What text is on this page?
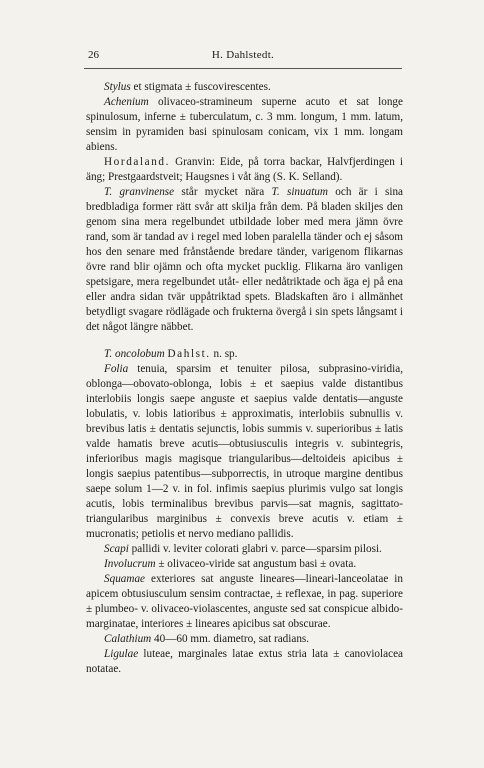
26	H. Dahlstedt.

Stylus et stigmata ± fuscovirescentes.

Achenium olivaceo-stramineum superne acuto et sat longe spinulosum, inferne ± tuberculatum, c. 3 mm. longum, 1 mm. latum, sensim in pyramiden basi spinulosam conicam, vix 1 mm. longam abiens.

Hordaland. Granvin: Eide, på torra backar, Halvfjerdingen i äng; Prestgaardstveit; Haugsnes i våt äng (S. K. Selland).

T. granvinense står mycket nära T. sinuatum och är i sina bredbladiga former rätt svår att skilja från dem. På bladen skiljes den genom sina mera regelbundet utbildade lober med mera jämn övre rand, som är tandad av i regel med loben paralella tänder och ej såsom hos den senare med frånstående bredare tänder, varigenom flikarnas övre rand blir ojämn och ofta mycket pucklig. Flikarna äro vanligen spetsigare, mera regelbundet utåt- eller nedåtriktade och äga ej på ena eller andra sidan tvär uppåtriktad spets. Bladskaften äro i allmänhet betydligt svagare rödlägade och frukterna övergå i sin spets långsamt i det något längre näbbet.

T. oncolobum Dahlst. n. sp.

Folia tenuia, sparsim et tenuiter pilosa, subprasino-viridia, oblonga—obovato-oblonga, lobis ± et saepius valde distantibus interlobiis longis saepe anguste et saepius valde dentatis—anguste lobulatis, v. lobis latioribus ± approximatis, interlobiis subnullis v. brevibus latis ± dentatis sejunctis, lobis summis v. superioribus ± latis valde hamatis breve acutis—obtusiusculis integris v. subintegris, inferioribus magis magisque triangularibus—deltoideis apicibus ± longis saepius patentibus—subporrectis, in utroque margine dentibus saepe solum 1—2 v. in fol. infimis saepius plurimis vulgo sat longis acutis, lobis terminalibus brevibus parvis—sat magnis, sagittato-triangularibus marginibus ± convexis breve acutis v. etiam ± mucronatis; petiolis et nervo mediano pallidis.

Scapi pallidi v. leviter colorati glabri v. parce—sparsim pilosi.

Involucrum ± olivaceo-viride sat angustum basi ± ovata.

Squamae exteriores sat anguste lineares—lineari-lanceolatae in apicem obtusiusculum sensim contractae, ± reflexae, in pag. superiore ± plumbeo- v. olivaceo-violascentes, anguste sed sat conspicue albido-marginatae, interiores ± lineares apicibus sat obscurae.

Calathium 40—60 mm. diametro, sat radians.

Ligulae luteae, marginales latae extus stria lata ± canoviolacea notatae.
